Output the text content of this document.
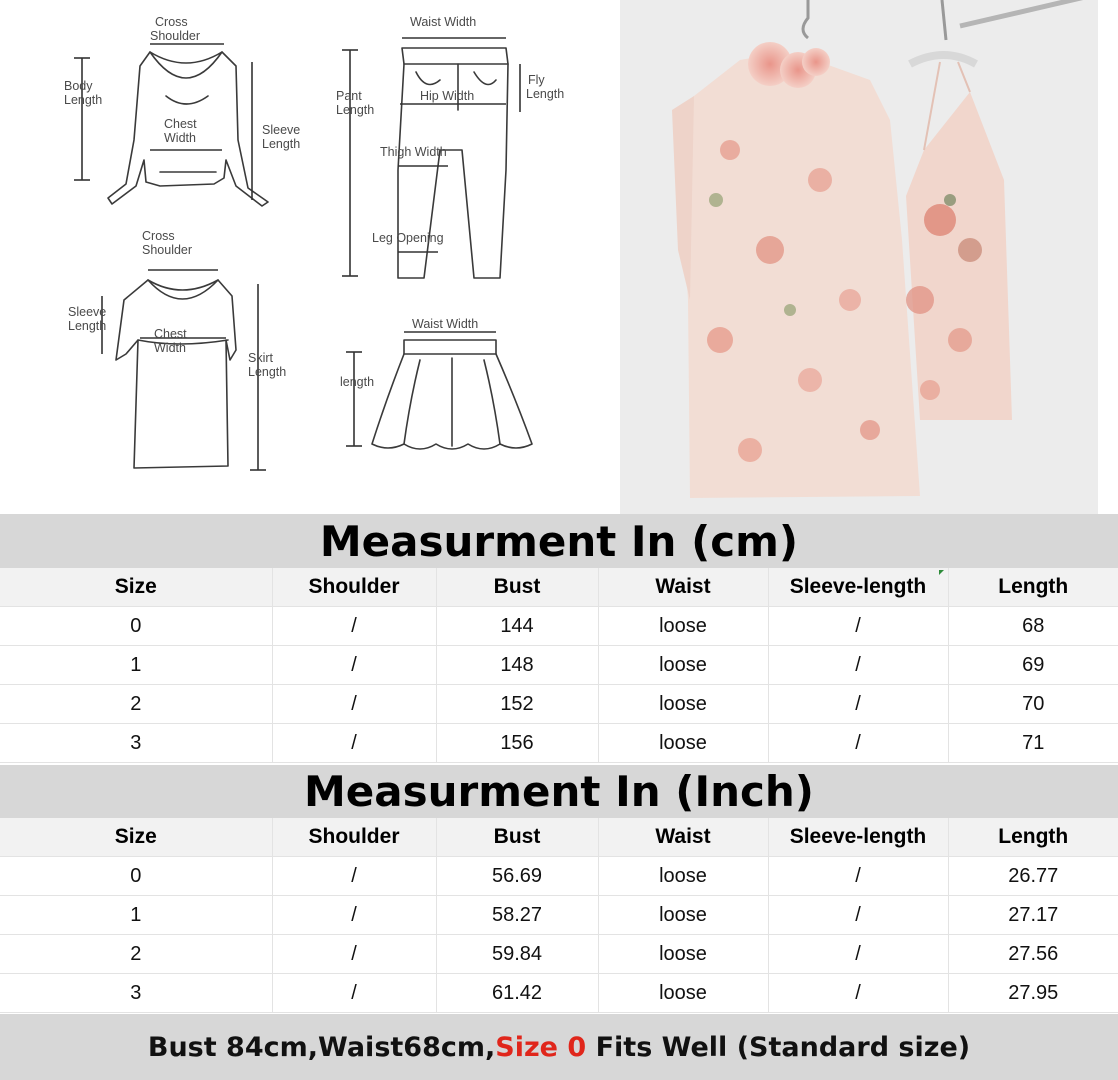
Cross
Shoulder
Body
Length
Chest
Width
Sleeve
Length
Waist Width
Pant
Length
Fly
Length
Hip Width
Thigh Width
Leg Opening
Cross
Shoulder
Sleeve
Length
Chest
Width
Skirt
Length
Waist Width
length
Measurment In (cm)
Size	Shoulder	Bust	Waist	Sleeve-length	Length
0	/	144	loose	/	68
1	/	148	loose	/	69
2	/	152	loose	/	70
3	/	156	loose	/	71
Measurment In (Inch)
Size	Shoulder	Bust	Waist	Sleeve-length	Length
0	/	56.69	loose	/	26.77
1	/	58.27	loose	/	27.17
2	/	59.84	loose	/	27.56
3	/	61.42	loose	/	27.95
Bust 84cm,Waist68cm, Size 0 Fits Well (Standard size)
